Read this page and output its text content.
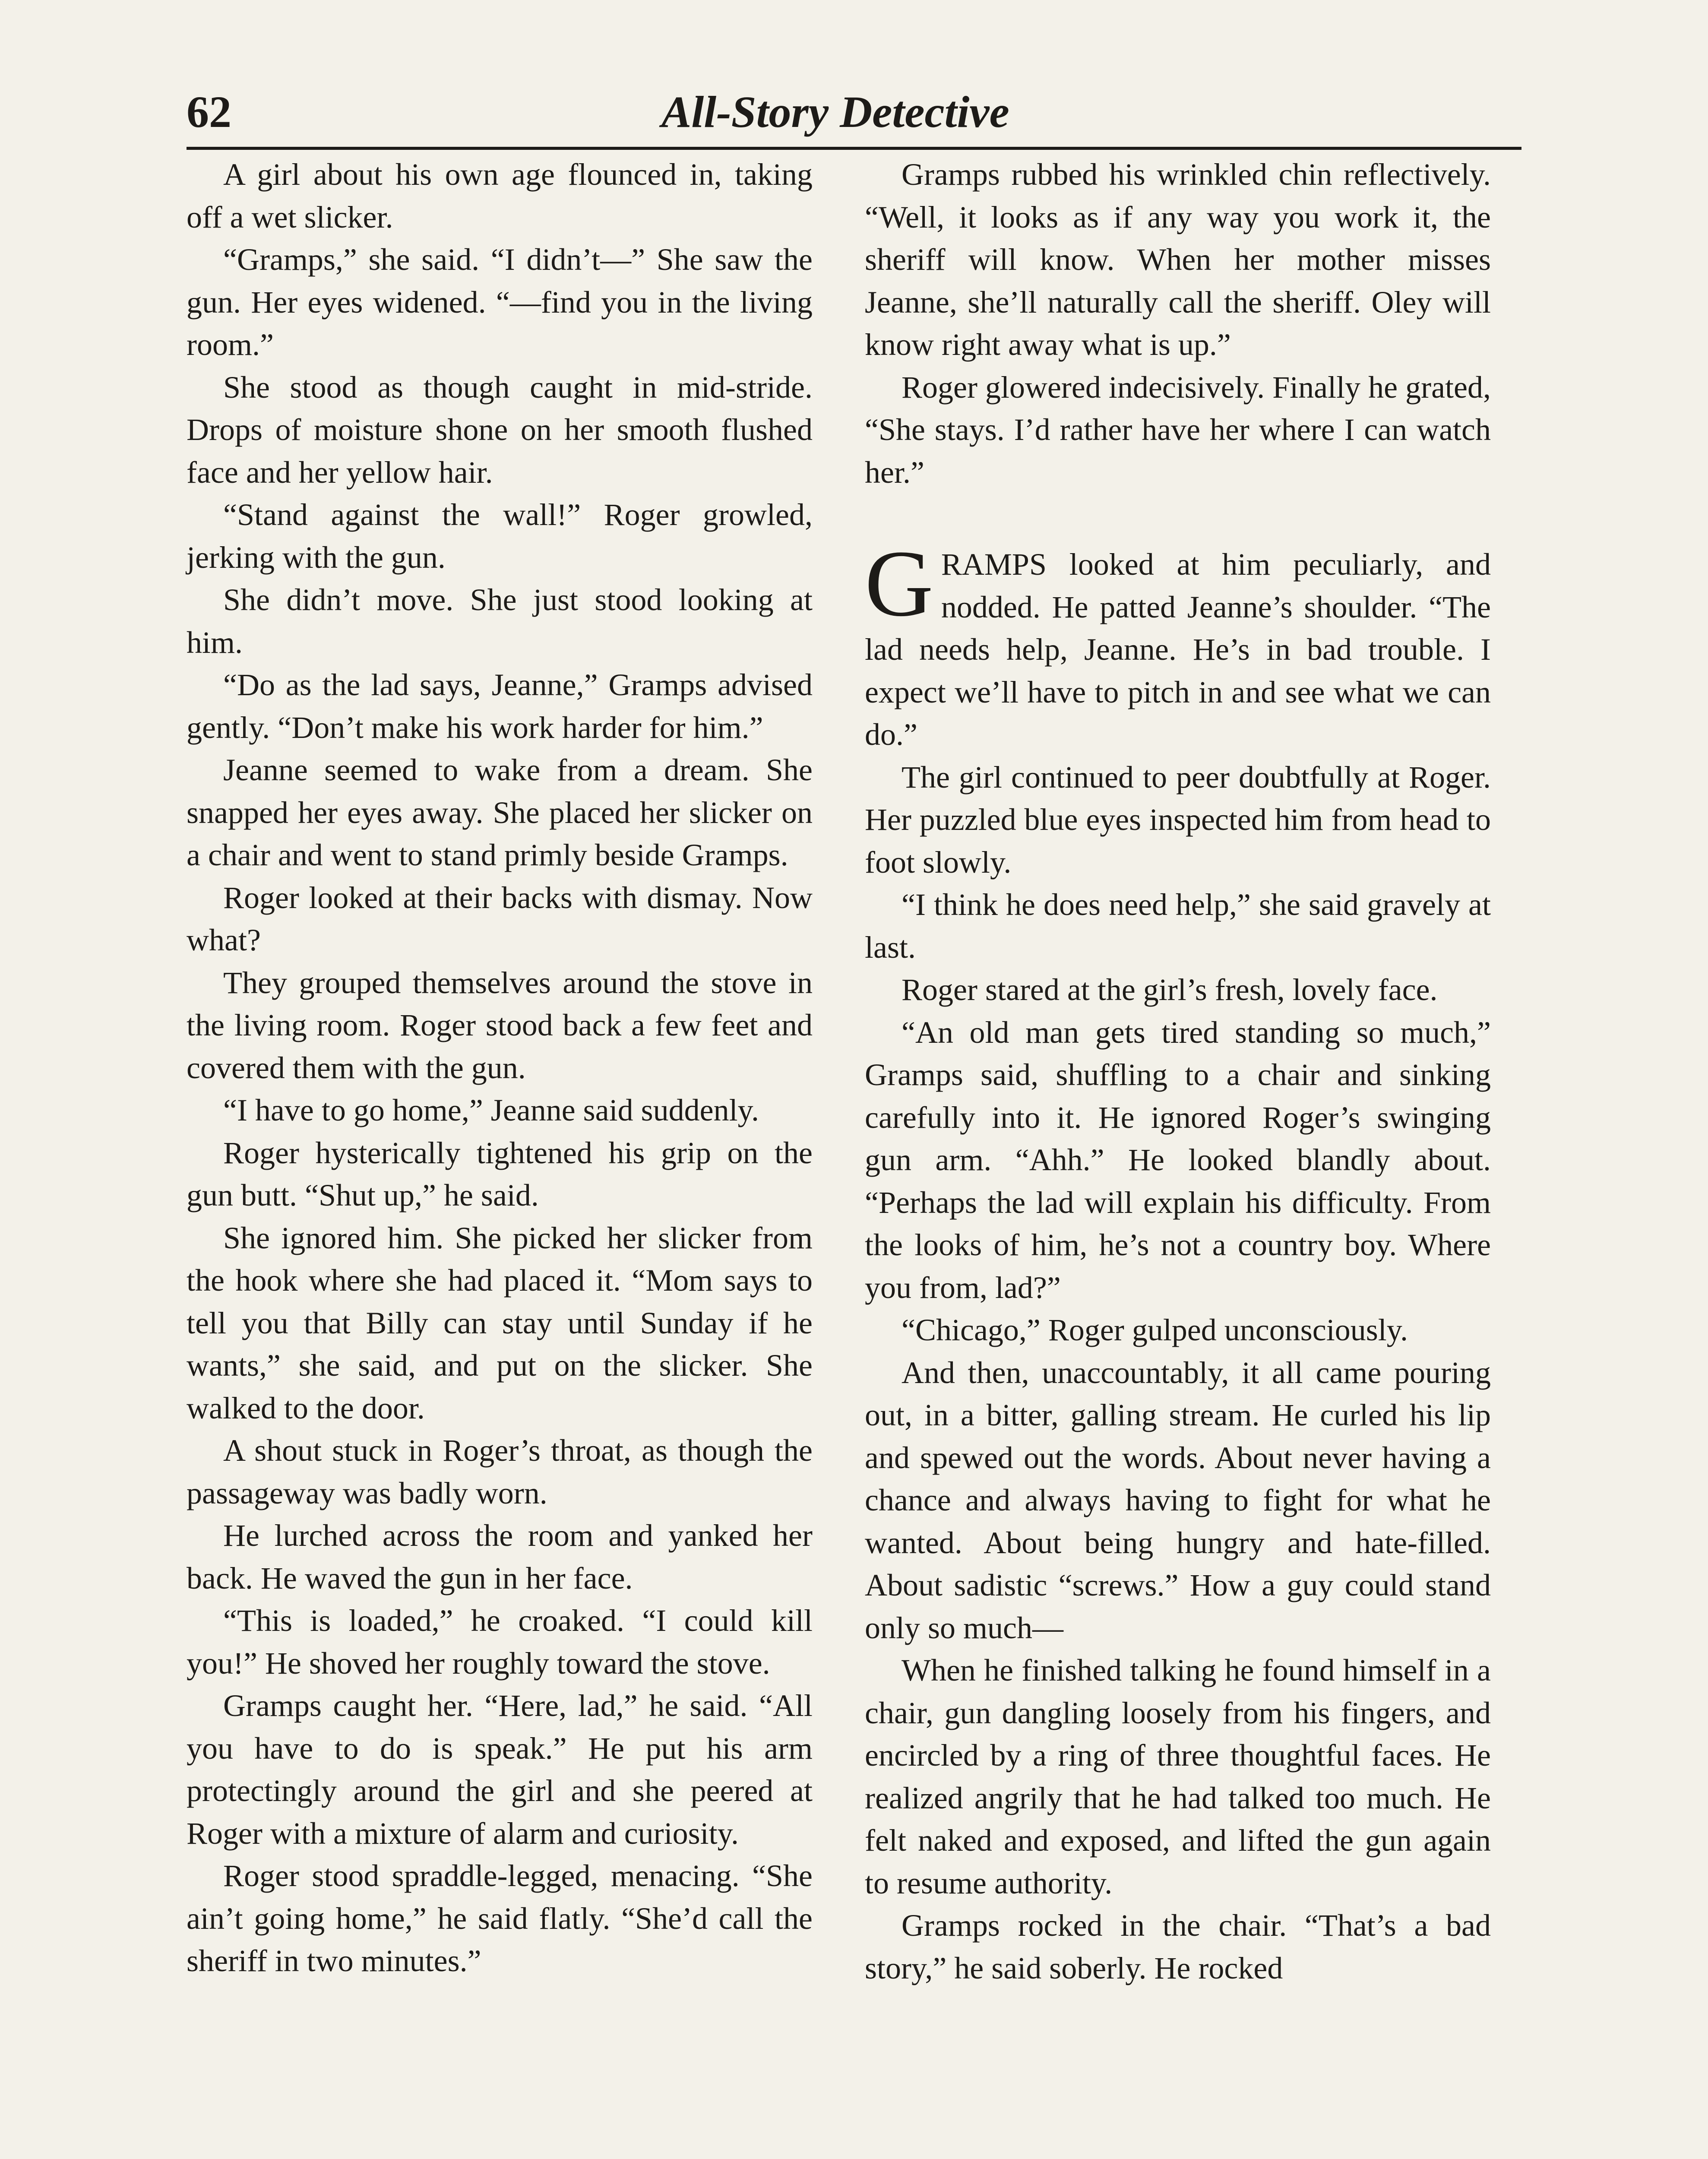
62	All-Story Detective

A girl about his own age flounced in, taking off a wet slicker.

“Gramps,” she said. “I didn’t—” She saw the gun. Her eyes widened. “—find you in the living room.”

She stood as though caught in mid-stride. Drops of moisture shone on her smooth flushed face and her yellow hair.

“Stand against the wall!” Roger growled, jerking with the gun.

She didn’t move. She just stood looking at him.

“Do as the lad says, Jeanne,” Gramps advised gently. “Don’t make his work harder for him.”

Jeanne seemed to wake from a dream. She snapped her eyes away. She placed her slicker on a chair and went to stand primly beside Gramps.

Roger looked at their backs with dismay. Now what?

They grouped themselves around the stove in the living room. Roger stood back a few feet and covered them with the gun.

“I have to go home,” Jeanne said suddenly.

Roger hysterically tightened his grip on the gun butt. “Shut up,” he said.

She ignored him. She picked her slicker from the hook where she had placed it. “Mom says to tell you that Billy can stay until Sunday if he wants,” she said, and put on the slicker. She walked to the door.

A shout stuck in Roger’s throat, as though the passageway was badly worn.

He lurched across the room and yanked her back. He waved the gun in her face.

“This is loaded,” he croaked. “I could kill you!” He shoved her roughly toward the stove.

Gramps caught her. “Here, lad,” he said. “All you have to do is speak.” He put his arm protectingly around the girl and she peered at Roger with a mixture of alarm and curiosity.

Roger stood spraddle-legged, menacing. “She ain’t going home,” he said flatly. “She’d call the sheriff in two minutes.”

Gramps rubbed his wrinkled chin reflectively. “Well, it looks as if any way you work it, the sheriff will know. When her mother misses Jeanne, she’ll naturally call the sheriff. Oley will know right away what is up.”

Roger glowered indecisively. Finally he grated, “She stays. I’d rather have her where I can watch her.”

GRAMPS looked at him peculiarly, and nodded. He patted Jeanne’s shoulder. “The lad needs help, Jeanne. He’s in bad trouble. I expect we’ll have to pitch in and see what we can do.”

The girl continued to peer doubtfully at Roger. Her puzzled blue eyes inspected him from head to foot slowly.

“I think he does need help,” she said gravely at last.

Roger stared at the girl’s fresh, lovely face.

“An old man gets tired standing so much,” Gramps said, shuffling to a chair and sinking carefully into it. He ignored Roger’s swinging gun arm. “Ahh.” He looked blandly about. “Perhaps the lad will explain his difficulty. From the looks of him, he’s not a country boy. Where you from, lad?”

“Chicago,” Roger gulped unconsciously.

And then, unaccountably, it all came pouring out, in a bitter, galling stream. He curled his lip and spewed out the words. About never having a chance and always having to fight for what he wanted. About being hungry and hate-filled. About sadistic “screws.” How a guy could stand only so much—

When he finished talking he found himself in a chair, gun dangling loosely from his fingers, and encircled by a ring of three thoughtful faces. He realized angrily that he had talked too much. He felt naked and exposed, and lifted the gun again to resume authority.

Gramps rocked in the chair. “That’s a bad story,” he said soberly. He rocked
